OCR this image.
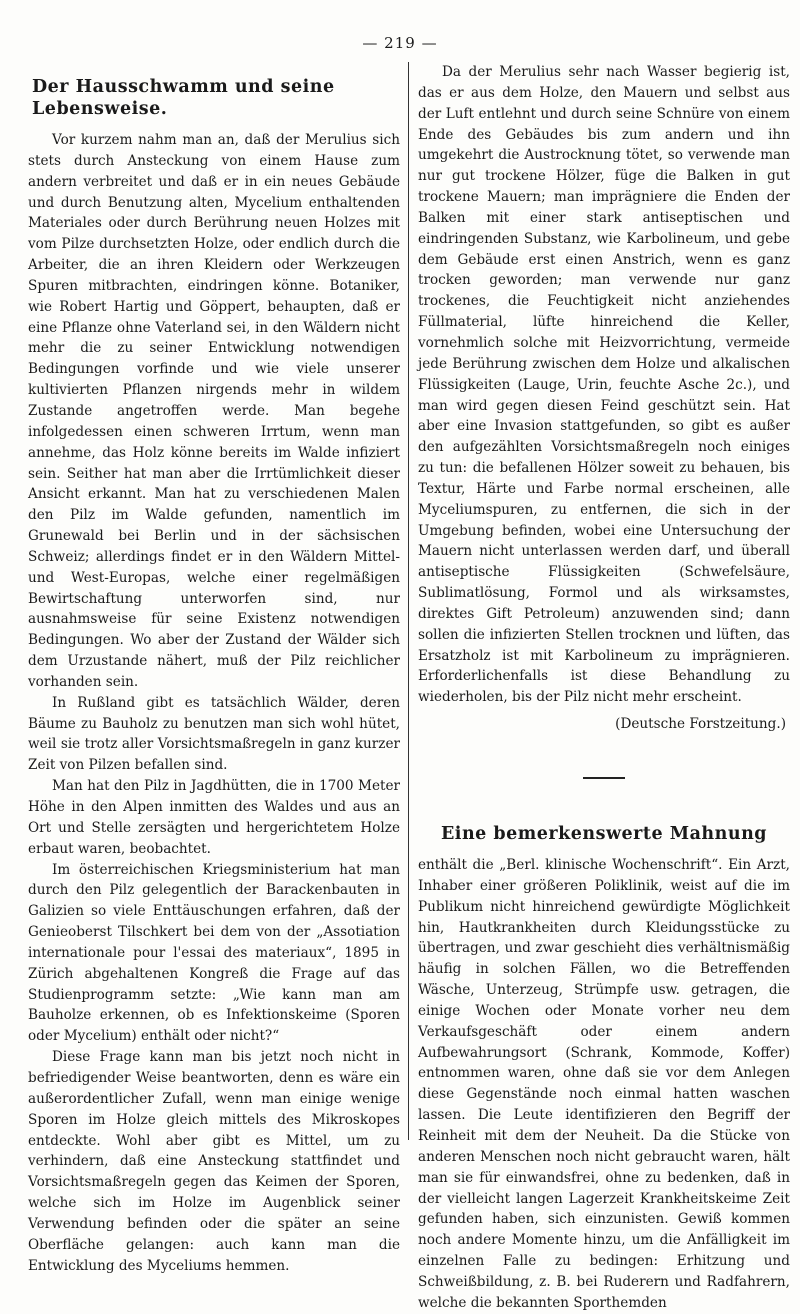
— 219 —
Der Hausschwamm und seine Lebensweise.

Vor kurzem nahm man an, daß der Merulius sich stets durch Ansteckung von einem Hause zum andern verbreitet und daß er in ein neues Gebäude und durch Benutzung alten, Mycelium enthaltenden Materiales oder durch Berührung neuen Holzes mit vom Pilze durchsetzten Holze, oder endlich durch die Arbeiter, die an ihren Kleidern oder Werkzeugen Spuren mitbrachten, eindringen könne. Botaniker, wie Robert Hartig und Göppert, behaupten, daß er eine Pflanze ohne Vaterland sei, in den Wäldern nicht mehr die zu seiner Entwicklung notwendigen Bedingungen vorfinde und wie viele unserer kultivierten Pflanzen nirgends mehr in wildem Zustande angetroffen werde. Man begehe infolgedessen einen schweren Irrtum, wenn man annehme, das Holz könne bereits im Walde infiziert sein. Seither hat man aber die Irrtümlichkeit dieser Ansicht erkannt. Man hat zu verschiedenen Malen den Pilz im Walde gefunden, namentlich im Grunewald bei Berlin und in der sächsischen Schweiz; allerdings findet er in den Wäldern Mittel- und West-Europas, welche einer regelmäßigen Bewirtschaftung unterworfen sind, nur ausnahmsweise für seine Existenz notwendigen Bedingungen. Wo aber der Zustand der Wälder sich dem Urzustande nähert, muß der Pilz reichlicher vorhanden sein.

In Rußland gibt es tatsächlich Wälder, deren Bäume zu Bauholz zu benutzen man sich wohl hütet, weil sie trotz aller Vorsichtsmaßregeln in ganz kurzer Zeit von Pilzen befallen sind.

Man hat den Pilz in Jagdhütten, die in 1700 Meter Höhe in den Alpen inmitten des Waldes und aus an Ort und Stelle zersägten und hergerichtetem Holze erbaut waren, beobachtet.

Im österreichischen Kriegsministerium hat man durch den Pilz gelegentlich der Barackenbauten in Galizien so viele Enttäuschungen erfahren, daß der Genieoberst Tilschkert bei dem von der „Assotiation internationale pour l'essai des materiaux“, 1895 in Zürich abgehaltenen Kongreß die Frage auf das Studienprogramm setzte: „Wie kann man am Bauholze erkennen, ob es Infektionskeime (Sporen oder Mycelium) enthält oder nicht?“

Diese Frage kann man bis jetzt noch nicht in befriedigender Weise beantworten, denn es wäre ein außerordentlicher Zufall, wenn man einige wenige Sporen im Holze gleich mittels des Mikroskopes entdeckte. Wohl aber gibt es Mittel, um zu verhindern, daß eine Ansteckung stattfindet und Vorsichtsmaßregeln gegen das Keimen der Sporen, welche sich im Holze im Augenblick seiner Verwendung befinden oder die später an seine Oberfläche gelangen: auch kann man die Entwicklung des Myceliums hemmen.

Da der Merulius sehr nach Wasser begierig ist, das er aus dem Holze, den Mauern und selbst aus der Luft entlehnt und durch seine Schnüre von einem Ende des Gebäudes bis zum andern und ihn umgekehrt die Austrocknung tötet, so verwende man nur gut trockene Hölzer, füge die Balken in gut trockene Mauern; man imprägniere die Enden der Balken mit einer stark antiseptischen und eindringenden Substanz, wie Karbolineum, und gebe dem Gebäude erst einen Anstrich, wenn es ganz trocken geworden; man verwende nur ganz trockenes, die Feuchtigkeit nicht anziehendes Füllmaterial, lüfte hinreichend die Keller, vornehmlich solche mit Heizvorrichtung, vermeide jede Berührung zwischen dem Holze und alkalischen Flüssigkeiten (Lauge, Urin, feuchte Asche 2c.), und man wird gegen diesen Feind geschützt sein. Hat aber eine Invasion stattgefunden, so gibt es außer den aufgezählten Vorsichtsmaßregeln noch einiges zu tun: die befallenen Hölzer soweit zu behauen, bis Textur, Härte und Farbe normal erscheinen, alle Myceliumspuren, zu entfernen, die sich in der Umgebung befinden, wobei eine Untersuchung der Mauern nicht unterlassen werden darf, und überall antiseptische Flüssigkeiten (Schwefelsäure, Sublimatlösung, Formol und als wirksamstes, direktes Gift Petroleum) anzuwenden sind; dann sollen die infizierten Stellen trocknen und lüften, das Ersatzholz ist mit Karbolineum zu imprägnieren. Erforderlichenfalls ist diese Behandlung zu wiederholen, bis der Pilz nicht mehr erscheint.

(Deutsche Forstzeitung.)

Eine bemerkenswerte Mahnung

enthält die „Berl. klinische Wochenschrift“. Ein Arzt, Inhaber einer größeren Poliklinik, weist auf die im Publikum nicht hinreichend gewürdigte Möglichkeit hin, Hautkrankheiten durch Kleidungsstücke zu übertragen, und zwar geschieht dies verhältnismäßig häufig in solchen Fällen, wo die Betreffenden Wäsche, Unterzeug, Strümpfe usw. getragen, die einige Wochen oder Monate vorher neu dem Verkaufsgeschäft oder einem andern Aufbewahrungsort (Schrank, Kommode, Koffer) entnommen waren, ohne daß sie vor dem Anlegen diese Gegenstände noch einmal hatten waschen lassen. Die Leute identifizieren den Begriff der Reinheit mit dem der Neuheit. Da die Stücke von anderen Menschen noch nicht gebraucht waren, hält man sie für einwandsfrei, ohne zu bedenken, daß in der vielleicht langen Lagerzeit Krankheitskeime Zeit gefunden haben, sich einzunisten. Gewiß kommen noch andere Momente hinzu, um die Anfälligkeit im einzelnen Falle zu bedingen: Erhitzung und Schweißbildung, z. B. bei Ruderern und Radfahrern, welche die bekannten Sporthemden
